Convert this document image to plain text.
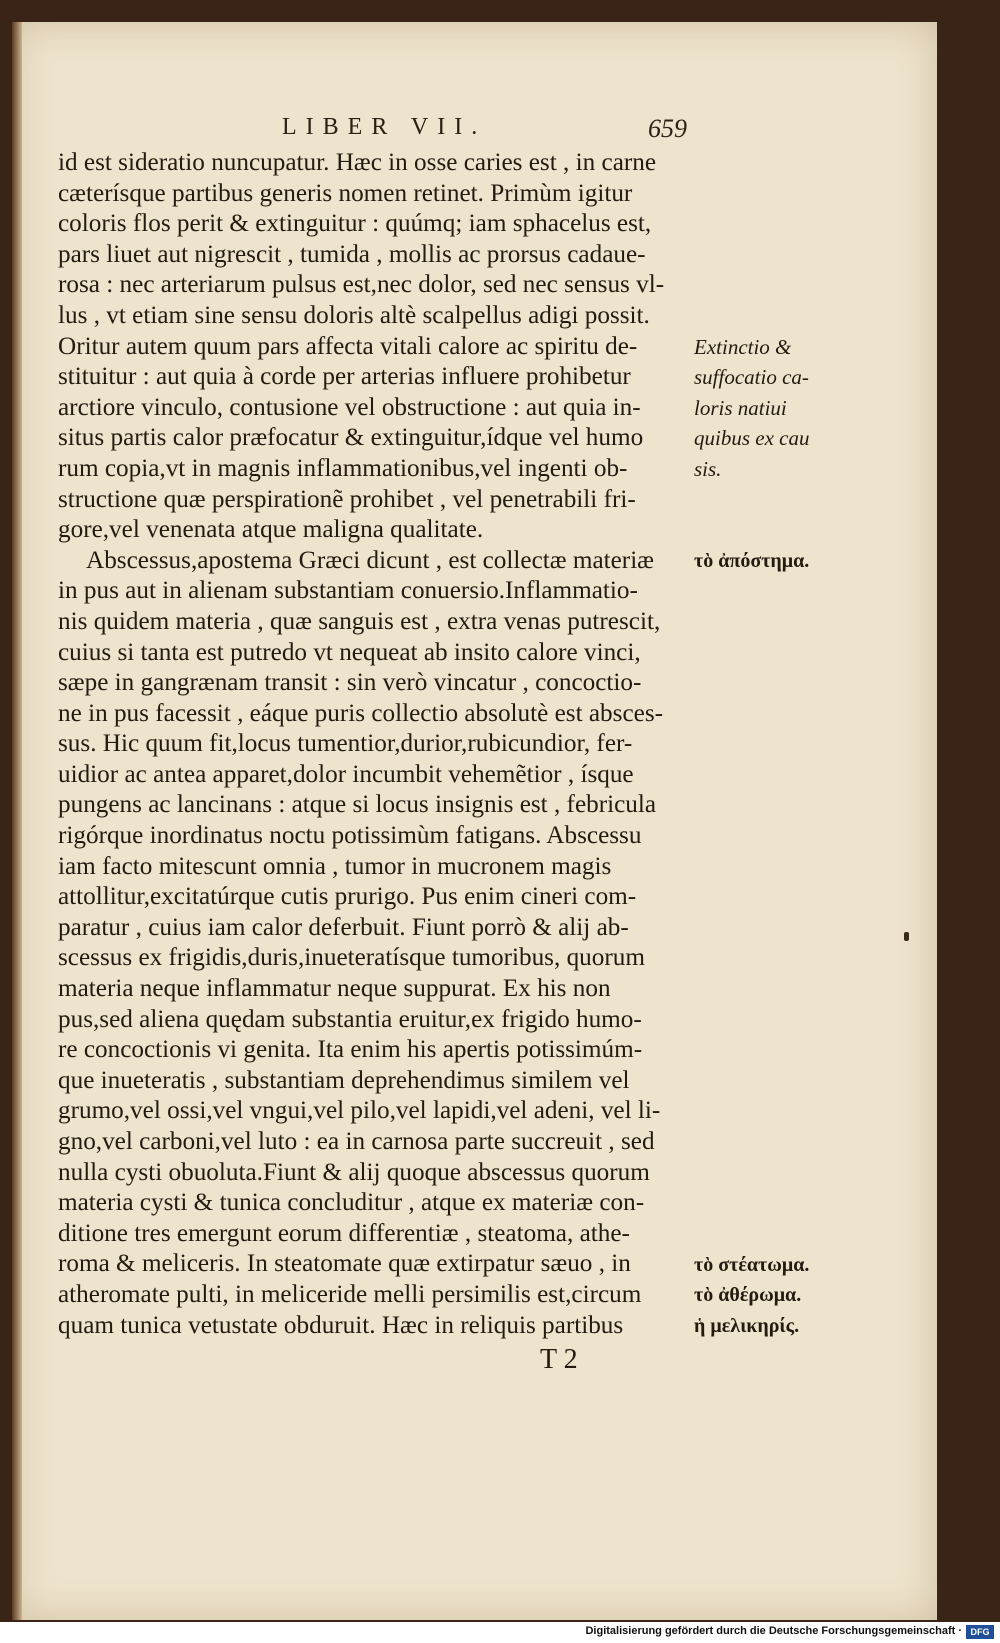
LIBER VII.	659
id est sideratio nuncupatur. Hæc in osse caries est , in carne
cæterísque partibus generis nomen retinet. Primùm igitur
coloris flos perit & extinguitur : quúmq; iam sphacelus est,
pars liuet aut nigrescit , tumida , mollis ac prorsus cadaue-
rosa : nec arteriarum pulsus est,nec dolor, sed nec sensus vl-
lus , vt etiam sine sensu doloris altè scalpellus adigi possit.
Oritur autem quum pars affecta vitali calore ac spiritu de-
stituitur : aut quia à corde per arterias influere prohibetur
arctiore vinculo, contusione vel obstructione : aut quia in-
situs partis calor præfocatur & extinguitur,ídque vel humo
rum copia,vt in magnis inflammationibus,vel ingenti ob-
structione quæ perspirationẽ prohibet , vel penetrabili fri-
gore,vel venenata atque maligna qualitate.
Abscessus,apostema Græci dicunt , est collectæ materiæ
in pus aut in alienam substantiam conuersio.Inflammatio-
nis quidem materia , quæ sanguis est , extra venas putrescit,
cuius si tanta est putredo vt nequeat ab insito calore vinci,
sæpe in gangrænam transit : sin verò vincatur , concoctio-
ne in pus facessit , eáque puris collectio absolutè est absces-
sus. Hic quum fit,locus tumentior,durior,rubicundior, fer-
uidior ac antea apparet,dolor incumbit vehemẽtior , ísque
pungens ac lancinans : atque si locus insignis est , febricula
rigórque inordinatus noctu potissimùm fatigans. Abscessu
iam facto mitescunt omnia , tumor in mucronem magis
attollitur,excitatúrque cutis prurigo. Pus enim cineri com-
paratur , cuius iam calor deferbuit. Fiunt porrò & alij ab-
scessus ex frigidis,duris,inueteratísque tumoribus, quorum
materia neque inflammatur neque suppurat. Ex his non
pus,sed aliena quędam substantia eruitur,ex frigido humo-
re concoctionis vi genita. Ita enim his apertis potissimúm-
que inueteratis , substantiam deprehendimus similem vel
grumo,vel ossi,vel vngui,vel pilo,vel lapidi,vel adeni, vel li-
gno,vel carboni,vel luto : ea in carnosa parte succreuit , sed
nulla cysti obuoluta.Fiunt & alij quoque abscessus quorum
materia cysti & tunica concluditur , atque ex materiæ con-
ditione tres emergunt eorum differentiæ , steatoma, athe-
roma & meliceris. In steatomate quæ extirpatur sæuo , in
atheromate pulti, in meliceride melli persimilis est,circum
quam tunica vetustate obduruit. Hæc in reliquis partibus
Extinctio &
suffocatio ca-
loris natiui
quibus ex cau
sis.
τὸ ἀπόστημα.
τὸ στέατωμα.
τὸ ἀθέρωμα.
ἡ μελικηρίς.
T 2
Digitalisierung gefördert durch die Deutsche Forschungsgemeinschaft · DFG
